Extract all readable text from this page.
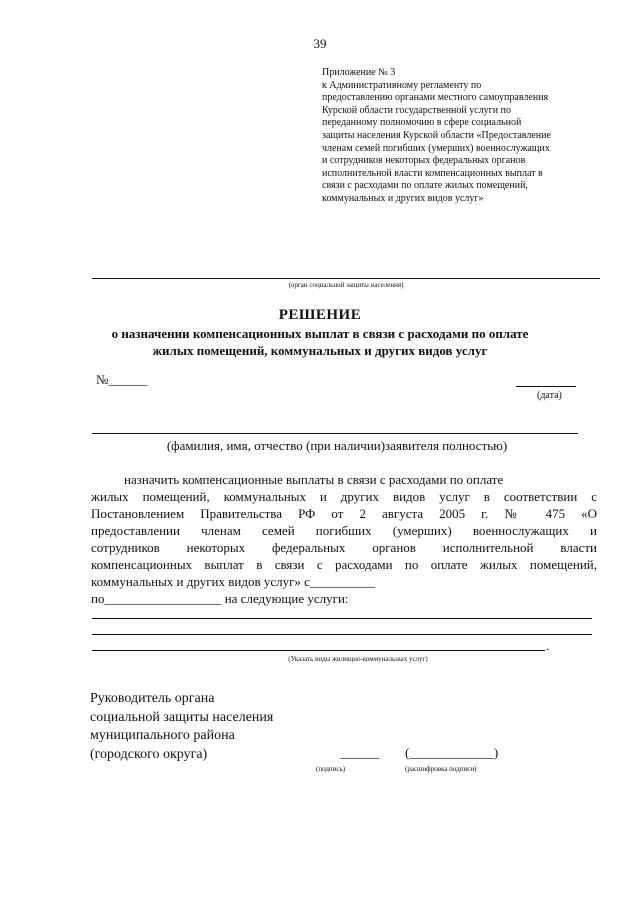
39
Приложение № 3
к Административному регламенту по
предоставлению органами местного самоуправления
Курской области государственной услуги по
переданному полномочию в сфере социальной
защиты населения Курской области «Предоставление
членам семей погибших (умерших) военнослужащих
и сотрудников некоторых федеральных органов
исполнительной власти компенсационных выплат в
связи с расходами по оплате жилых помещений,
коммунальных и других видов услуг»
(орган социальной защиты населения)
РЕШЕНИЕ
о назначении компенсационных выплат в связи с расходами по оплате
жилых помещений, коммунальных и других видов услуг
№______
(дата)
(фамилия, имя, отчество (при наличии)заявителя полностью)
назначить компенсационные выплаты в связи с расходами по оплате
жилых помещений, коммунальных и других видов услуг в соответствии с
Постановлением Правительства РФ от 2 августа 2005 г. № 475 «О
предоставлении членам семей погибших (умерших) военнослужащих и
сотрудников некоторых федеральных органов исполнительной власти
компенсационных выплат в связи с расходами по оплате жилых помещений,
коммунальных и других видов услуг» с__________
по__________________ на следующие услуги:
.
(Указать виды жилищно-коммунальных услуг)
Руководитель органа
социальной защиты населения
муниципального района
(городского округа)	______ (_____________)
(подпись)	(расшифровка подписи)
